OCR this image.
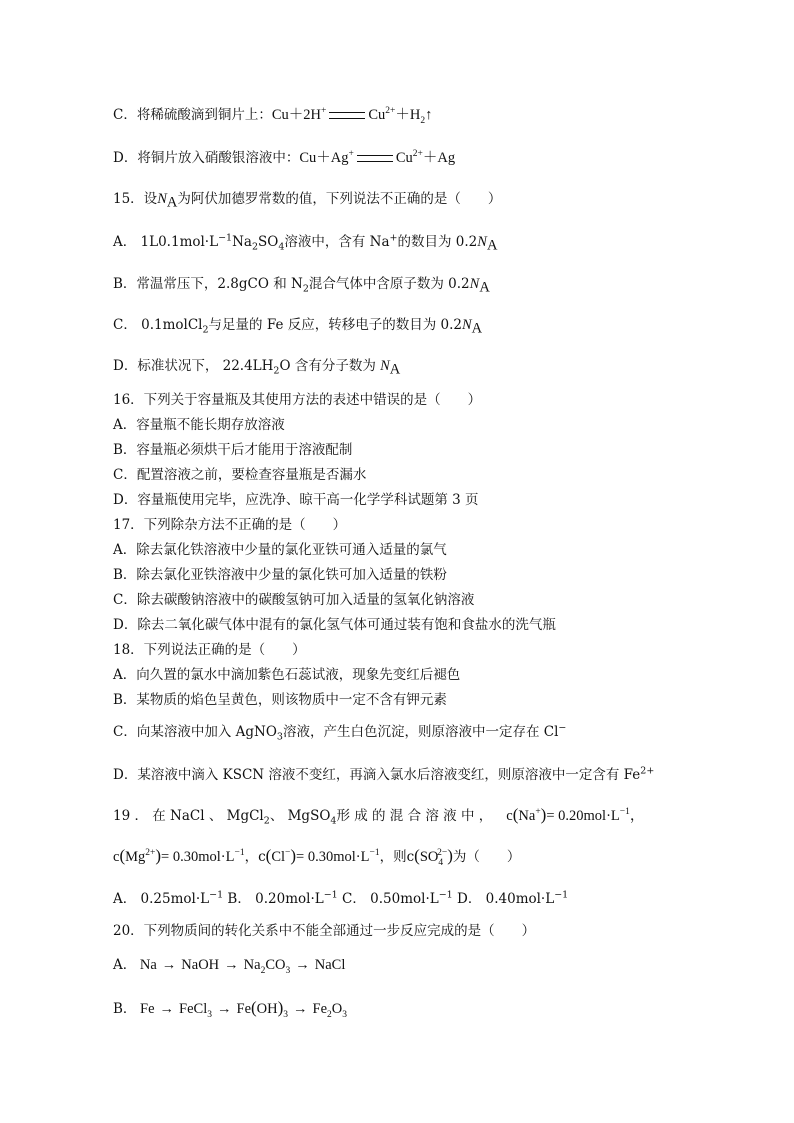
C．将稀硫酸滴到铜片上：Cu＋2H+	$Cu^{2+}+H_2↑$
D．将铜片放入硝酸银溶液中：Cu＋Ag+	$Cu^{2+}+Ag$
15．设$N_A$为阿伏加德罗常数的值，下列说法不正确的是（　　）
A． $1L0.1mol\cdot L^{-1}Na_2SO_4$溶液中，含有 Na+的数目为 $0.2N_A$
B．常温常压下，2.8gCO 和 $N_2$混合气体中含原子数为 $0.2N_A$
C． 0.1molCl$_2$与足量的 Fe 反应，转移电子的数目为 $0.2N_A$
D．标准状况下， $22.4LH_2O$ 含有分子数为 $N_A$
16．下列关于容量瓶及其使用方法的表述中错误的是（　　）
A．容量瓶不能长期存放溶液
B．容量瓶必须烘干后才能用于溶液配制
C．配置溶液之前，要检查容量瓶是否漏水
D．容量瓶使用完毕，应洗净、晾干高一化学学科试题第 3 页
17．下列除杂方法不正确的是（　　）
A．除去氯化铁溶液中少量的氯化亚铁可通入适量的氯气
B．除去氯化亚铁溶液中少量的氯化铁可加入适量的铁粉
C．除去碳酸钠溶液中的碳酸氢钠可加入适量的氢氧化钠溶液
D．除去二氧化碳气体中混有的氯化氢气体可通过装有饱和食盐水的洗气瓶
18．下列说法正确的是（　　）
A．向久置的氯水中滴加紫色石蕊试液，现象先变红后褪色
B．某物质的焰色呈黄色，则该物质中一定不含有钾元素
C．向某溶液中加入 AgNO$_3$溶液，产生白色沉淀，则原溶液中一定存在 Cl−
D．某溶液中滴入 KSCN 溶液不变红，再滴入氯水后溶液变红，则原溶液中一定含有 $Fe^{2+}$
19 ． 在 NaCl 、 MgCl$_2$、 MgSO$_4$形 成 的 混 合 溶 液 中 ， $c(Na^+)= 0.20mol\cdot L^{-1}$，
$c(Mg^{2+})= 0.30mol\cdot L^{-1}$，$c(Cl^-)= 0.30mol\cdot L^{-1}$，则$c(SO_4^{2-})$为（　　）
A． $0.25mol\cdot L^{-1}$ B． $0.20mol\cdot L^{-1}$ C． $0.50mol\cdot L^{-1}$ D． $0.40mol\cdot L^{-1}$
20．下列物质间的转化关系中不能全部通过一步反应完成的是（　　）
A． Na → NaOH → $Na_2CO_3$ → NaCl
B． Fe → FeCl$_3$ → $Fe(OH)_3 \to Fe_2O_3$
